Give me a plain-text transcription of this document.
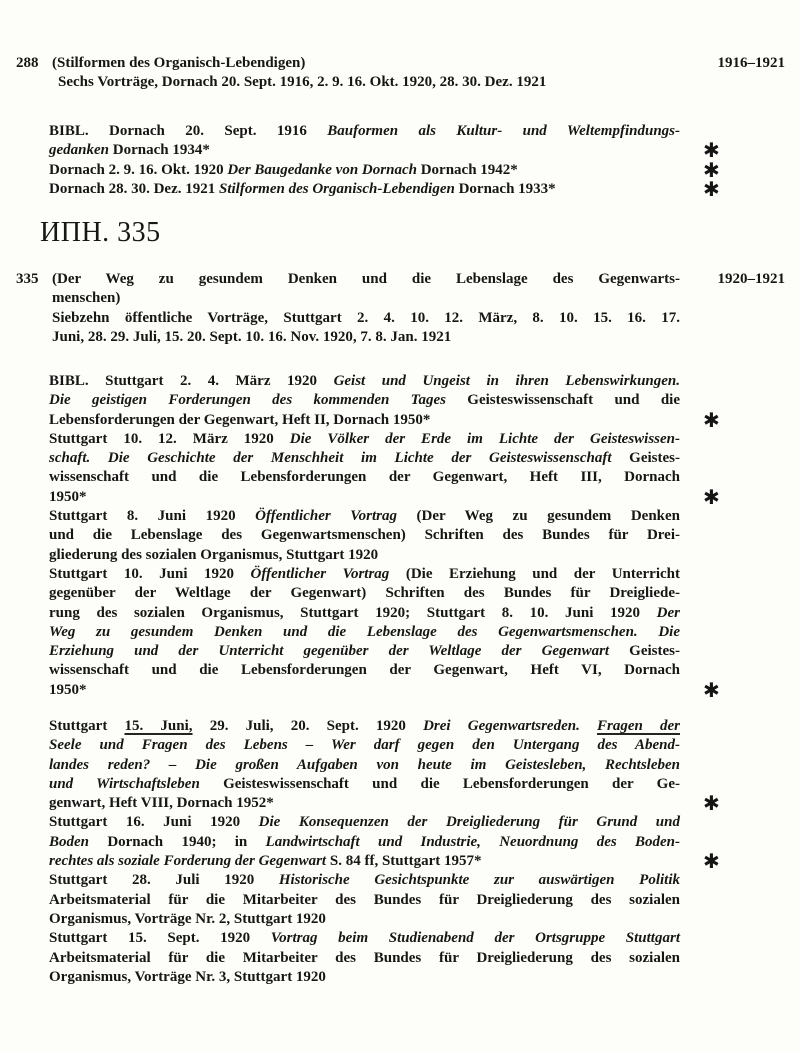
288 (Stilformen des Organisch-Lebendigen)
Sechs Vorträge, Dornach 20. Sept. 1916, 2. 9. 16. Okt. 1920, 28. 30. Dez. 1921
1916–1921
BIBL. Dornach 20. Sept. 1916 Bauformen als Kultur- und Weltempfindungs-
gedanken Dornach 1934*
Dornach 2. 9. 16. Okt. 1920 Der Baugedanke von Dornach Dornach 1942*
Dornach 28. 30. Dez. 1921 Stilformen des Organisch-Lebendigen Dornach 1933*
ИПН. 335
335 (Der Weg zu gesundem Denken und die Lebenslage des Gegenwarts-
menschen)
Siebzehn öffentliche Vorträge, Stuttgart 2. 4. 10. 12. März, 8. 10. 15. 16. 17.
Juni, 28. 29. Juli, 15. 20. Sept. 10. 16. Nov. 1920, 7. 8. Jan. 1921
1920–1921
BIBL. Stuttgart 2. 4. März 1920 Geist und Ungeist in ihren Lebenswirkungen.
Die geistigen Forderungen des kommenden Tages Geisteswissenschaft und die
Lebensforderungen der Gegenwart, Heft II, Dornach 1950*
Stuttgart 10. 12. März 1920 Die Völker der Erde im Lichte der Geisteswissen-
schaft. Die Geschichte der Menschheit im Lichte der Geisteswissenschaft Geistes-
wissenschaft und die Lebensforderungen der Gegenwart, Heft III, Dornach
1950*
Stuttgart 8. Juni 1920 Öffentlicher Vortrag (Der Weg zu gesundem Denken
und die Lebenslage des Gegenwartsmenschen) Schriften des Bundes für Drei-
gliederung des sozialen Organismus, Stuttgart 1920
Stuttgart 10. Juni 1920 Öffentlicher Vortrag (Die Erziehung und der Unterricht
gegenüber der Weltlage der Gegenwart) Schriften des Bundes für Dreigliede-
rung des sozialen Organismus, Stuttgart 1920; Stuttgart 8. 10. Juni 1920 Der
Weg zu gesundem Denken und die Lebenslage des Gegenwartsmenschen. Die
Erziehung und der Unterricht gegenüber der Weltlage der Gegenwart Geistes-
wissenschaft und die Lebensforderungen der Gegenwart, Heft VI, Dornach
1950*
Stuttgart 15. Juni, 29. Juli, 20. Sept. 1920 Drei Gegenwartsreden. Fragen der
Seele und Fragen des Lebens – Wer darf gegen den Untergang des Abend-
landes reden? – Die großen Aufgaben von heute im Geistesleben, Rechtsleben
und Wirtschaftsleben Geisteswissenschaft und die Lebensforderungen der Ge-
genwart, Heft VIII, Dornach 1952*
Stuttgart 16. Juni 1920 Die Konsequenzen der Dreigliederung für Grund und
Boden Dornach 1940; in Landwirtschaft und Industrie, Neuordnung des Boden-
rechtes als soziale Forderung der Gegenwart S. 84 ff, Stuttgart 1957*
Stuttgart 28. Juli 1920 Historische Gesichtspunkte zur auswärtigen Politik
Arbeitsmaterial für die Mitarbeiter des Bundes für Dreigliederung des sozialen
Organismus, Vorträge Nr. 2, Stuttgart 1920
Stuttgart 15. Sept. 1920 Vortrag beim Studienabend der Ortsgruppe Stuttgart
Arbeitsmaterial für die Mitarbeiter des Bundes für Dreigliederung des sozialen
Organismus, Vorträge Nr. 3, Stuttgart 1920
✱
✱
✱
✱
✱
✱
✱
✱
